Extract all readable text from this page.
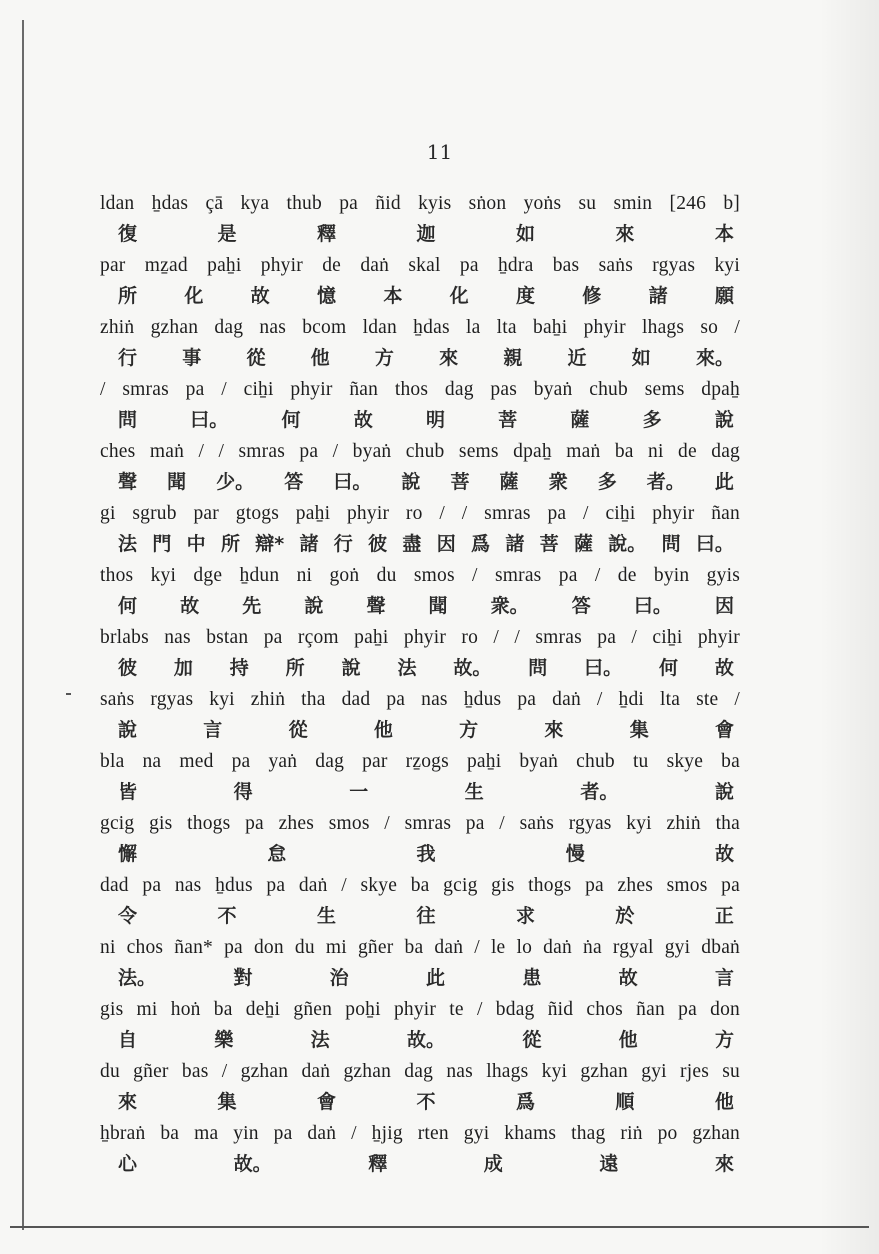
11
ldan ẖdas çā kya thub pa ñid kyis sṅon yoṅs su smin [246 b]
復	是	釋	迦	如	來	本
par mẕad paẖi phyir de daṅ skal pa ẖdra bas saṅs rgyas kyi
所 化 故 憶 本 化 度 修 諸 願
zhiṅ gzhan dag nas bcom ldan ẖdas la lta baẖi phyir lhags so /
行 事 從 他 方 來 親 近 如 來。
/ smras pa / ciẖi phyir ñan thos dag pas byaṅ chub sems dpaẖ
問	曰。	何	故	明	菩	薩	多	說
ches maṅ / / smras pa / byaṅ chub sems dpaẖ maṅ ba ni de dag
聲 聞 少。 答 曰。 說 菩 薩 衆 多 者。 此
gi sgrub par gtogs paẖi phyir ro / / smras pa / ciẖi phyir ñan
法 門 中 所 辯* 諸 行 彼 盡 因 爲 諸 菩 薩 說。 問 曰。
thos kyi dge ẖdun ni goṅ du smos / smras pa / de byin gyis
何 故 先 說 聲 聞 衆。 答 曰。 因
brlabs nas bstan pa rçom paẖi phyir ro / / smras pa / ciẖi phyir
彼 加 持 所 說 法 故。 問 曰。 何 故
saṅs rgyas kyi zhiṅ tha dad pa nas ẖdus pa daṅ / ẖdi lta ste /
說	言	從	他	方	來	集	會
bla na med pa yaṅ dag par rẕogs paẖi byaṅ chub tu skye ba
皆	得	一	生	者。	說
gcig gis thogs pa zhes smos / smras pa / saṅs rgyas kyi zhiṅ tha
懈	怠	我	慢	故
dad pa nas ẖdus pa daṅ / skye ba gcig gis thogs pa zhes smos pa
令	不	生	往	求	於	正
ni chos ñan* pa don du mi gñer ba daṅ / le lo daṅ ṅa rgyal gyi dbaṅ
法。	對	治	此	患	故	言
gis mi hoṅ ba deẖi gñen poẖi phyir te / bdag ñid chos ñan pa don
自	樂	法	故。	從	他	方
du gñer bas / gzhan daṅ gzhan dag nas lhags kyi gzhan gyi rjes su
來	集	會	不	爲	順	他
ẖbraṅ ba ma yin pa daṅ / ẖjig rten gyi khams thag riṅ po gzhan
心	故。	釋	成	遠	來
